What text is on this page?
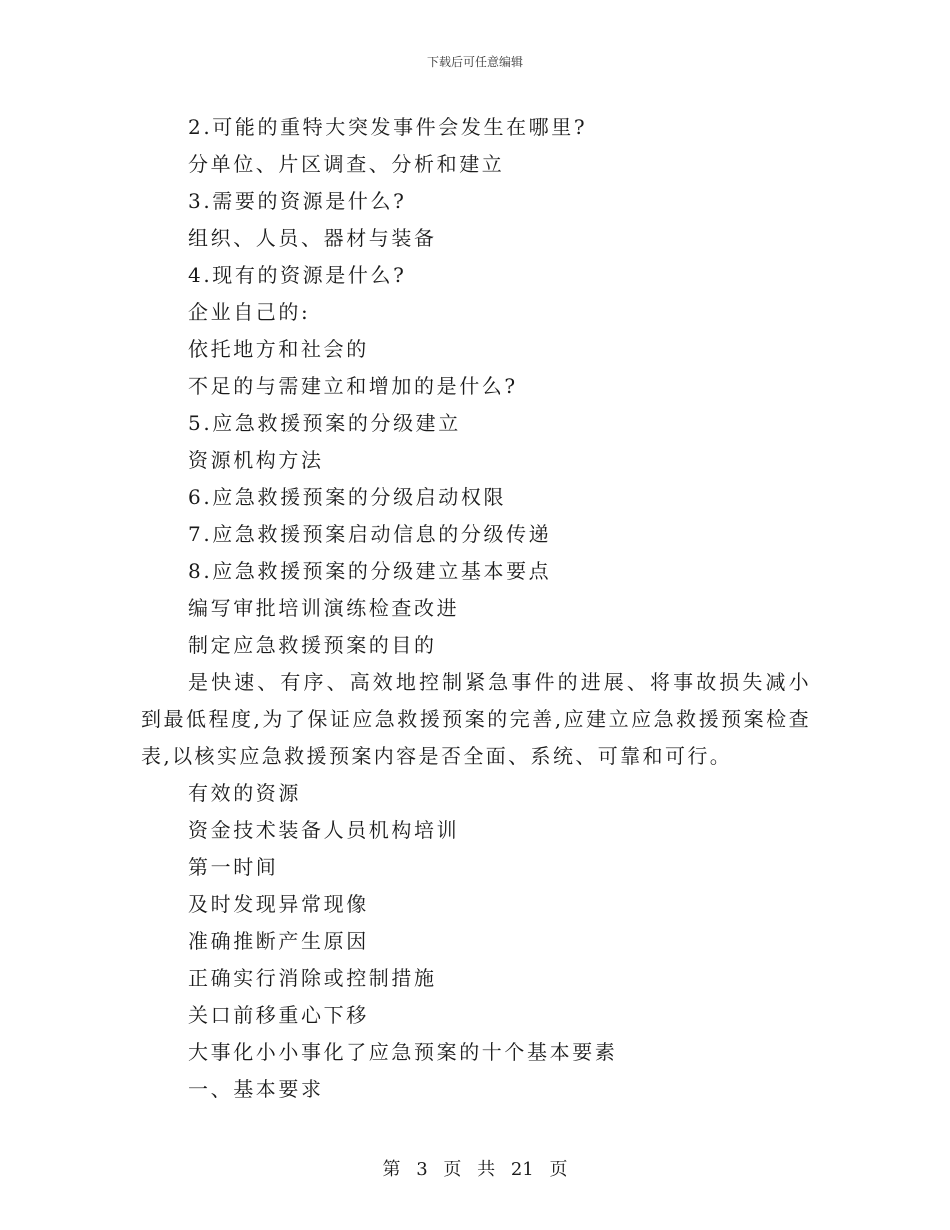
下载后可任意编辑
2.可能的重特大突发事件会发生在哪里?
分单位、片区调查、分析和建立
3.需要的资源是什么?
组织、人员、器材与装备
4.现有的资源是什么?
企业自己的:
依托地方和社会的
不足的与需建立和增加的是什么?
5.应急救援预案的分级建立
资源机构方法
6.应急救援预案的分级启动权限
7.应急救援预案启动信息的分级传递
8.应急救援预案的分级建立基本要点
编写审批培训演练检查改进
制定应急救援预案的目的
是快速、有序、高效地控制紧急事件的进展、将事故损失减小到最低程度,为了保证应急救援预案的完善,应建立应急救援预案检查表,以核实应急救援预案内容是否全面、系统、可靠和可行。
有效的资源
资金技术装备人员机构培训
第一时间
及时发现异常现像
准确推断产生原因
正确实行消除或控制措施
关口前移重心下移
大事化小小事化了应急预案的十个基本要素
一、基本要求
第 3 页 共 21 页
